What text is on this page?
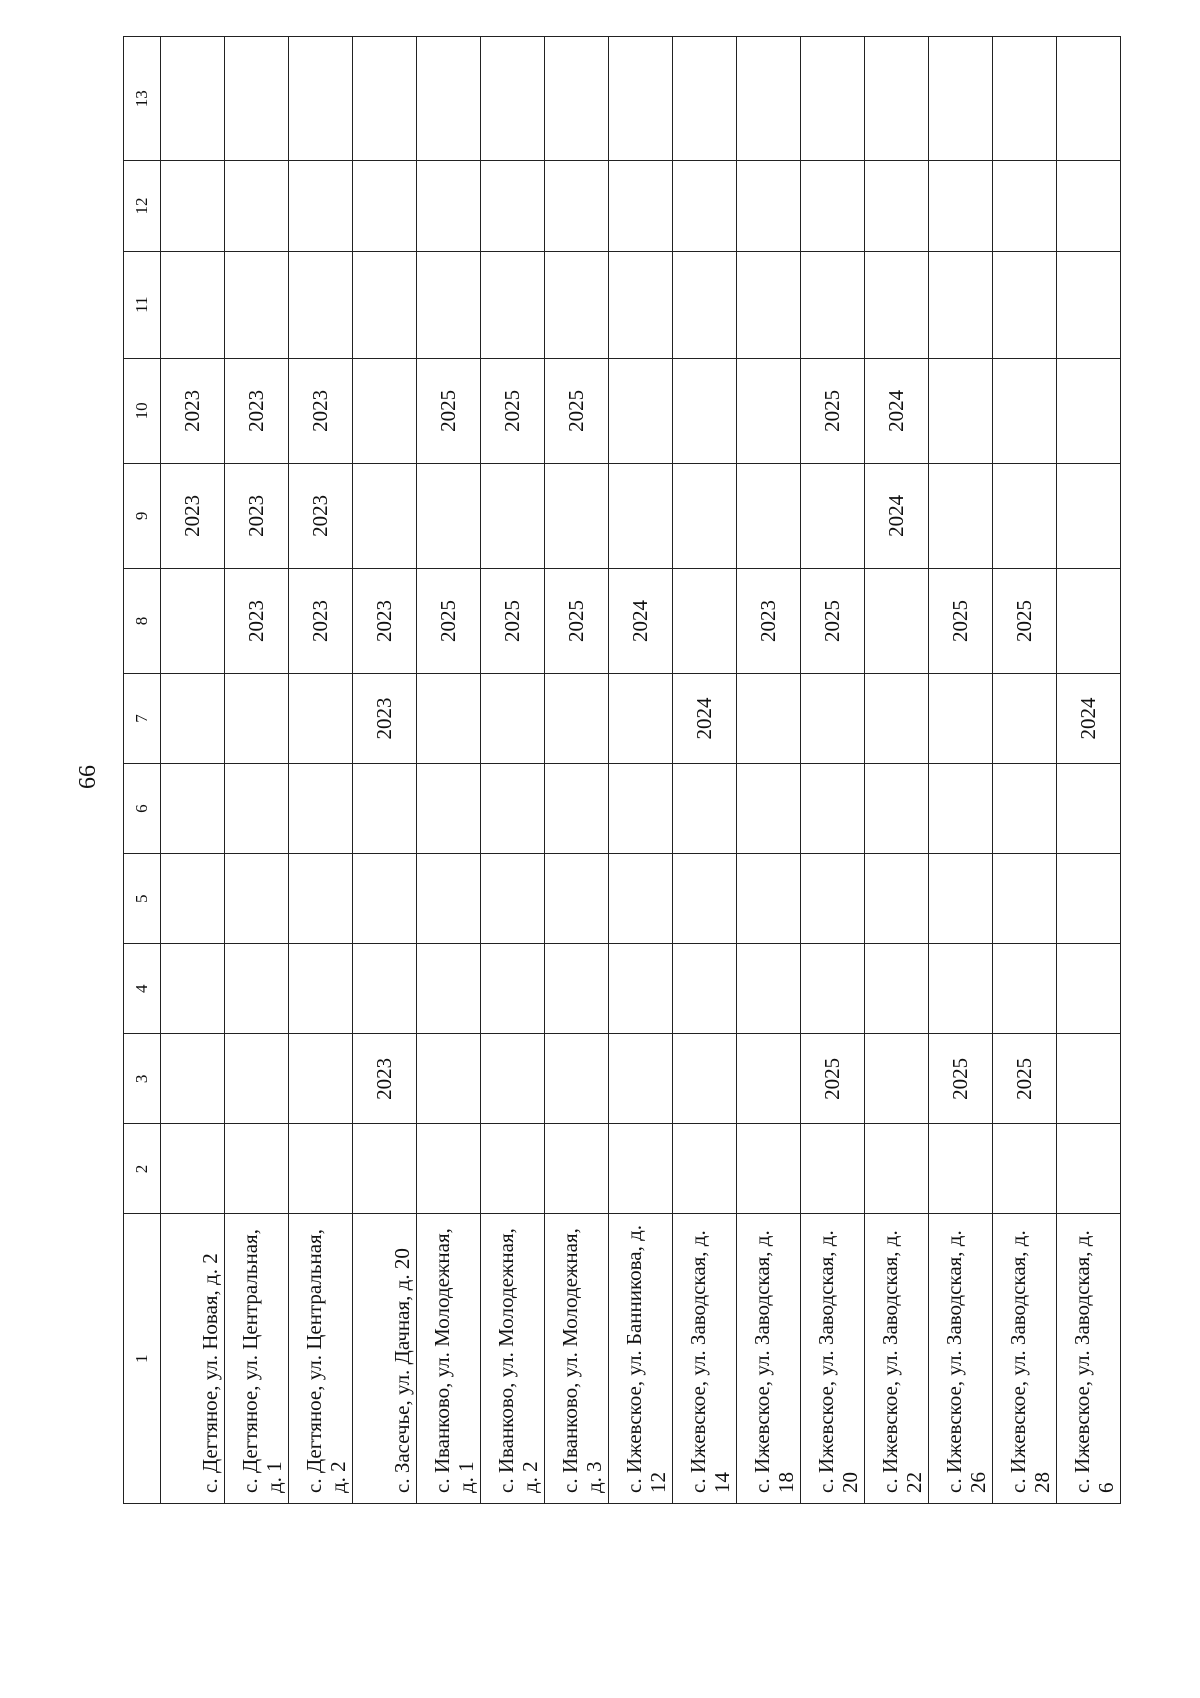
66
1	2	3	4	5	6	7	8	9	10	11	12	13
с. Дегтяное, ул. Новая, д. 2								2023	2023			
с. Дегтяное, ул. Центральная, д. 1							2023	2023	2023			
с. Дегтяное, ул. Центральная, д. 2							2023	2023	2023			
с. Засечье, ул. Дачная, д. 20		2023				2023	2023					
с. Иванково, ул. Молодежная, д. 1							2025		2025			
с. Иванково, ул. Молодежная, д. 2							2025		2025			
с. Иванково, ул. Молодежная, д. 3							2025		2025			
с. Ижевское, ул. Банникова, д. 12							2024					
с. Ижевское, ул. Заводская, д. 14						2024						
с. Ижевское, ул. Заводская, д. 18							2023					
с. Ижевское, ул. Заводская, д. 20		2025					2025		2025			
с. Ижевское, ул. Заводская, д. 22								2024	2024			
с. Ижевское, ул. Заводская, д. 26		2025					2025					
с. Ижевское, ул. Заводская, д. 28		2025					2025					
с. Ижевское, ул. Заводская, д. 6						2024						
